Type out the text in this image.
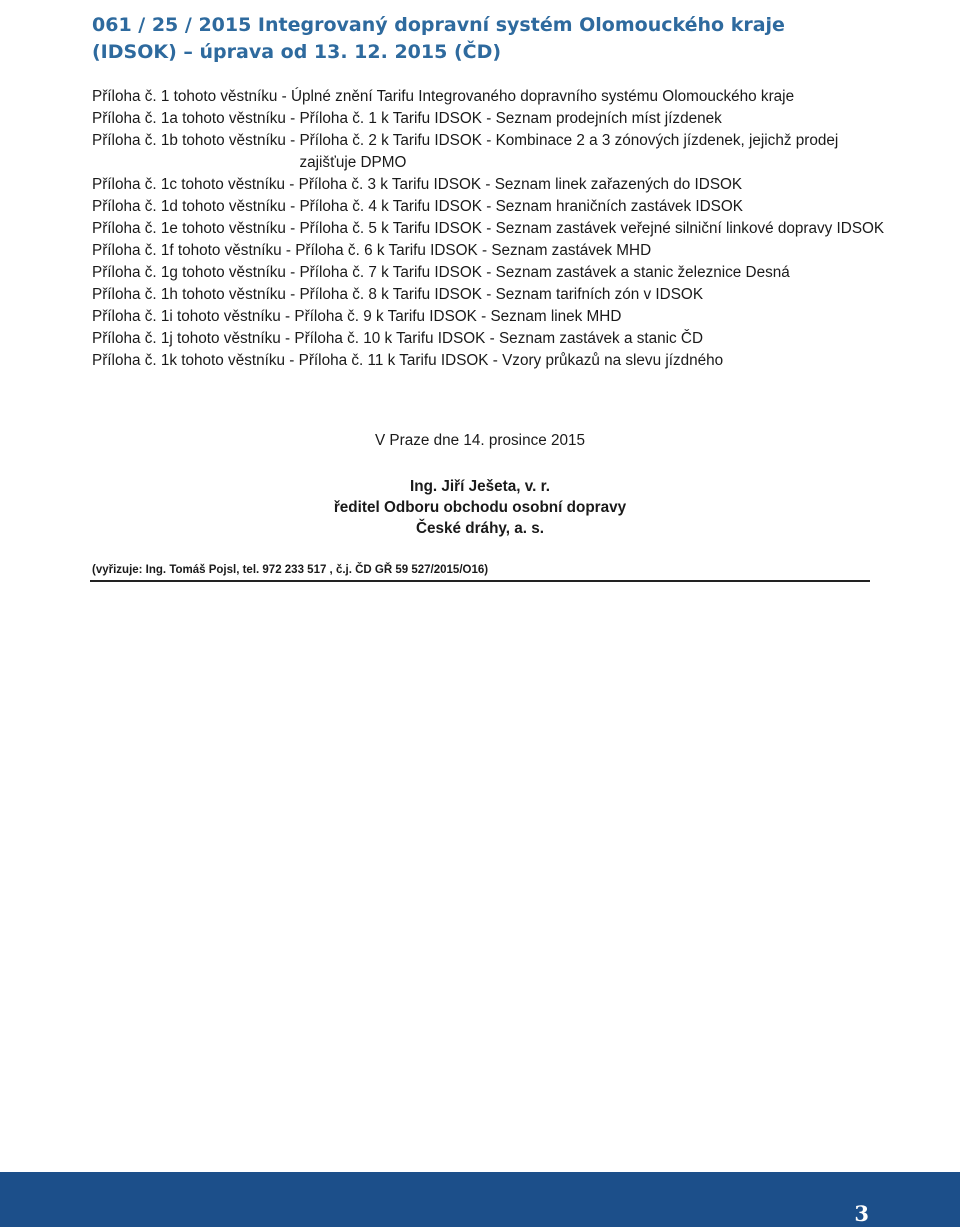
061 / 25 / 2015 Integrovaný dopravní systém Olomouckého kraje (IDSOK) – úprava od 13. 12. 2015 (ČD)
Příloha č. 1 tohoto věstníku - Úplné znění Tarifu Integrovaného dopravního systému Olomouckého kraje
Příloha č. 1a tohoto věstníku - Příloha č. 1 k Tarifu IDSOK - Seznam prodejních míst jízdenek
Příloha č. 1b tohoto věstníku - Příloha č. 2 k Tarifu IDSOK - Kombinace 2 a 3 zónových jízdenek, jejichž prodej zajišťuje DPMO
Příloha č. 1c tohoto věstníku - Příloha č. 3 k Tarifu IDSOK - Seznam linek zařazených do IDSOK
Příloha č. 1d tohoto věstníku - Příloha č. 4 k Tarifu IDSOK - Seznam hraničních zastávek IDSOK
Příloha č. 1e tohoto věstníku - Příloha č. 5 k Tarifu IDSOK - Seznam zastávek veřejné silniční linkové dopravy IDSOK
Příloha č. 1f tohoto věstníku - Příloha č. 6 k Tarifu IDSOK - Seznam zastávek MHD
Příloha č. 1g tohoto věstníku - Příloha č. 7 k Tarifu IDSOK - Seznam zastávek a stanic železnice Desná
Příloha č. 1h tohoto věstníku - Příloha č. 8 k Tarifu IDSOK - Seznam tarifních zón v IDSOK
Příloha č. 1i tohoto věstníku - Příloha č. 9 k Tarifu IDSOK - Seznam linek MHD
Příloha č. 1j tohoto věstníku - Příloha č. 10 k Tarifu IDSOK - Seznam zastávek a stanic ČD
Příloha č. 1k tohoto věstníku - Příloha č. 11 k Tarifu IDSOK - Vzory průkazů na slevu jízdného
V Praze dne 14. prosince 2015
Ing. Jiří Ješeta, v. r.
ředitel Odboru obchodu osobní dopravy
České dráhy, a. s.
(vyřizuje: Ing. Tomáš Pojsl, tel. 972 233 517 , č.j. ČD GŘ 59 527/2015/O16)
3
